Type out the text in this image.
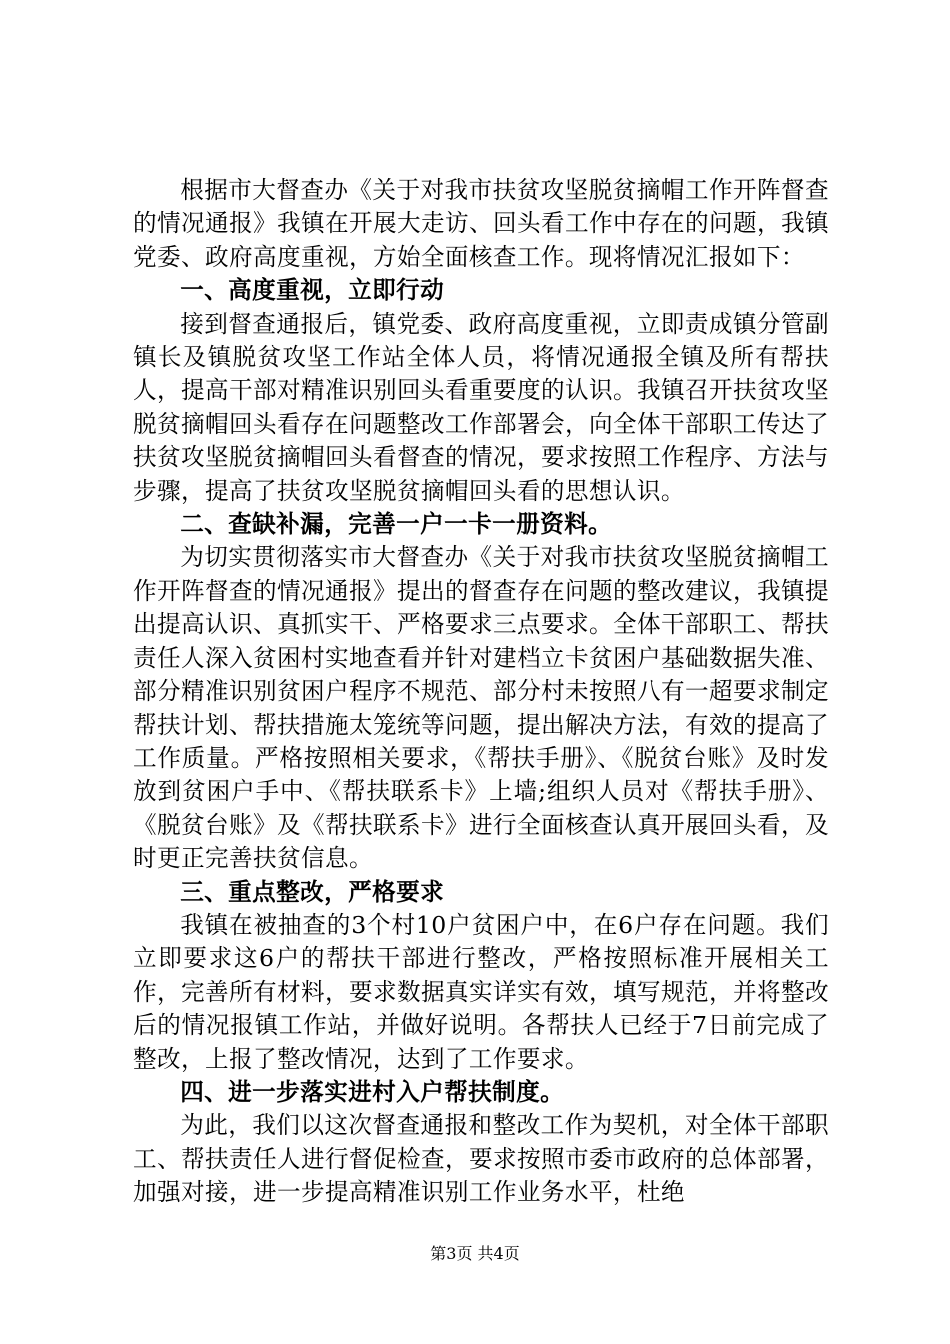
根据市大督查办《关于对我市扶贫攻坚脱贫摘帽工作开阵督查的情况通报》我镇在开展大走访、回头看工作中存在的问题，我镇党委、政府高度重视，方始全面核查工作。现将情况汇报如下：

一、高度重视，立即行动

接到督查通报后，镇党委、政府高度重视，立即责成镇分管副镇长及镇脱贫攻坚工作站全体人员，将情况通报全镇及所有帮扶人，提高干部对精准识别回头看重要度的认识。我镇召开扶贫攻坚脱贫摘帽回头看存在问题整改工作部署会，向全体干部职工传达了扶贫攻坚脱贫摘帽回头看督查的情况，要求按照工作程序、方法与步骤，提高了扶贫攻坚脱贫摘帽回头看的思想认识。

二、查缺补漏，完善一户一卡一册资料。

为切实贯彻落实市大督查办《关于对我市扶贫攻坚脱贫摘帽工作开阵督查的情况通报》提出的督查存在问题的整改建议，我镇提出提高认识、真抓实干、严格要求三点要求。全体干部职工、帮扶责任人深入贫困村实地查看并针对建档立卡贫困户基础数据失准、部分精准识别贫困户程序不规范、部分村未按照八有一超要求制定帮扶计划、帮扶措施太笼统等问题，提出解决方法，有效的提高了工作质量。严格按照相关要求，《帮扶手册》、《脱贫台账》及时发放到贫困户手中、《帮扶联系卡》上墙;组织人员对《帮扶手册》、《脱贫台账》及《帮扶联系卡》进行全面核查认真开展回头看，及时更正完善扶贫信息。

三、重点整改，严格要求

我镇在被抽查的3个村10户贫困户中，在6户存在问题。我们立即要求这6户的帮扶干部进行整改，严格按照标准开展相关工作，完善所有材料，要求数据真实详实有效，填写规范，并将整改后的情况报镇工作站，并做好说明。各帮扶人已经于7日前完成了整改，上报了整改情况，达到了工作要求。

四、进一步落实进村入户帮扶制度。

为此，我们以这次督查通报和整改工作为契机，对全体干部职工、帮扶责任人进行督促检查，要求按照市委市政府的总体部署，加强对接，进一步提高精准识别工作业务水平，杜绝

第3页 共4页
